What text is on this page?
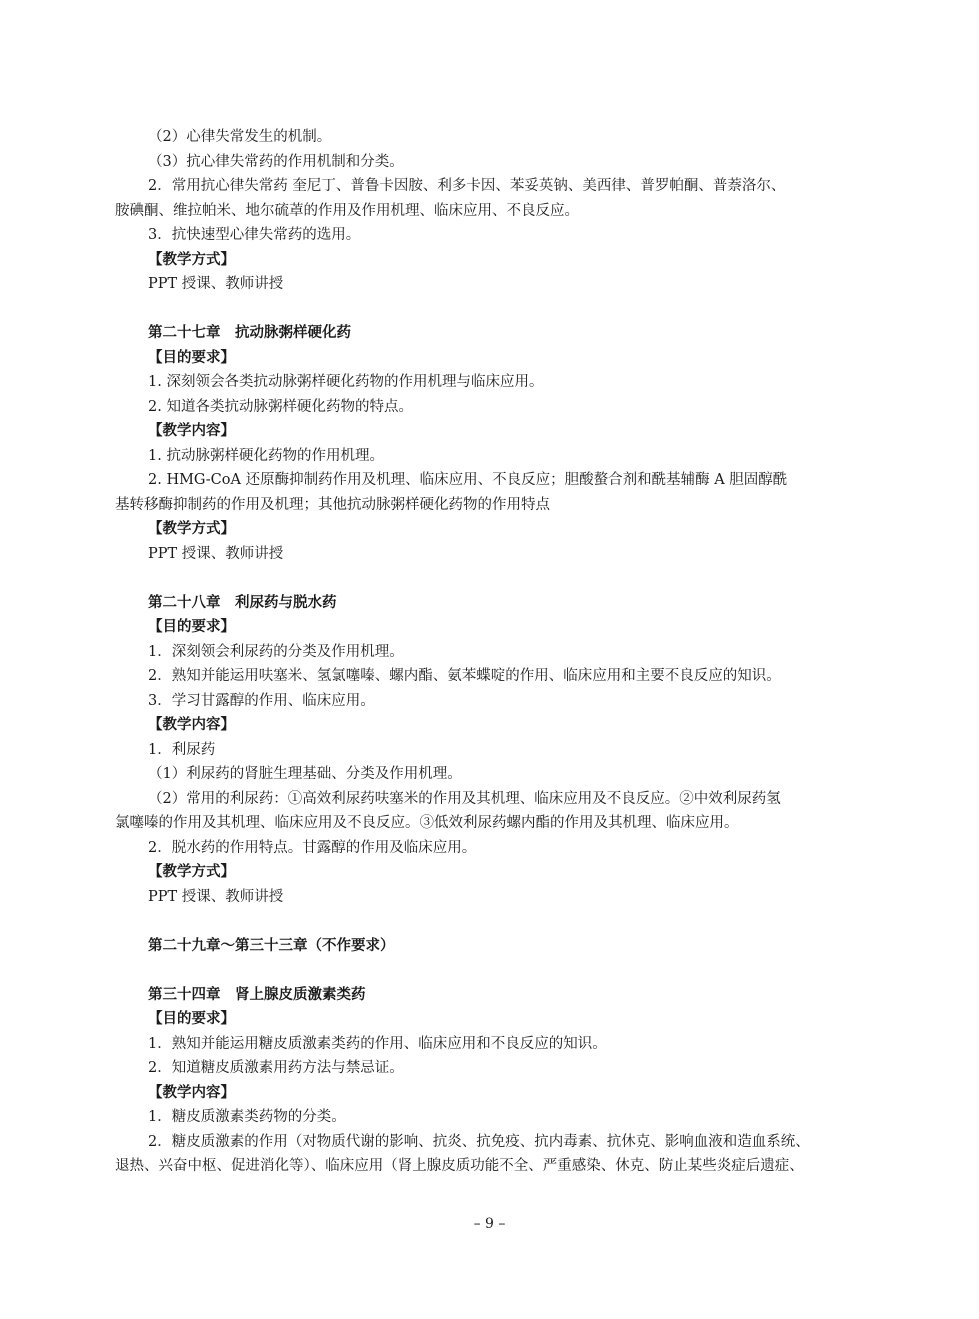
（2）心律失常发生的机制。
（3）抗心律失常药的作用机制和分类。
2．常用抗心律失常药 奎尼丁、普鲁卡因胺、利多卡因、苯妥英钠、美西律、普罗帕酮、普萘洛尔、
胺碘酮、维拉帕米、地尔硫䓬的作用及作用机理、临床应用、不良反应。
3．抗快速型心律失常药的选用。
【教学方式】
PPT 授课、教师讲授
第二十七章　抗动脉粥样硬化药
【目的要求】
1. 深刻领会各类抗动脉粥样硬化药物的作用机理与临床应用。
2. 知道各类抗动脉粥样硬化药物的特点。
【教学内容】
1. 抗动脉粥样硬化药物的作用机理。
2. HMG-CoA 还原酶抑制药作用及机理、临床应用、不良反应；胆酸螯合剂和酰基辅酶 A 胆固醇酰
基转移酶抑制药的作用及机理；其他抗动脉粥样硬化药物的作用特点
【教学方式】
PPT 授课、教师讲授
第二十八章　利尿药与脱水药
【目的要求】
1．深刻领会利尿药的分类及作用机理。
2．熟知并能运用呋塞米、氢氯噻嗪、螺内酯、氨苯蝶啶的作用、临床应用和主要不良反应的知识。
3．学习甘露醇的作用、临床应用。
【教学内容】
1．利尿药
（1）利尿药的肾脏生理基础、分类及作用机理。
（2）常用的利尿药：①高效利尿药呋塞米的作用及其机理、临床应用及不良反应。②中效利尿药氢
氯噻嗪的作用及其机理、临床应用及不良反应。③低效利尿药螺内酯的作用及其机理、临床应用。
2．脱水药的作用特点。甘露醇的作用及临床应用。
【教学方式】
PPT 授课、教师讲授
第二十九章～第三十三章（不作要求）
第三十四章　肾上腺皮质激素类药
【目的要求】
1．熟知并能运用糖皮质激素类药的作用、临床应用和不良反应的知识。
2．知道糖皮质激素用药方法与禁忌证。
【教学内容】
1．糖皮质激素类药物的分类。
2．糖皮质激素的作用（对物质代谢的影响、抗炎、抗免疫、抗内毒素、抗休克、影响血液和造血系统、
退热、兴奋中枢、促进消化等）、临床应用（肾上腺皮质功能不全、严重感染、休克、防止某些炎症后遗症、
– 9 –
